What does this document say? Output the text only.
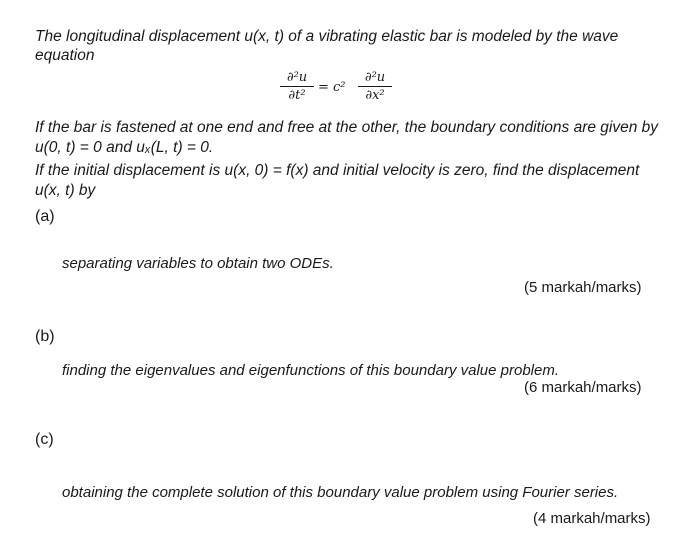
The longitudinal displacement u(x, t) of a vibrating elastic bar is modeled by the wave
equation
∂²u
∂t²
= c²
∂²u
∂x²
If the bar is fastened at one end and free at the other, the boundary conditions are given by
u(0, t) = 0 and uₓ(L, t) = 0.
If the initial displacement is u(x, 0) = f(x) and initial velocity is zero, find the displacement
u(x, t) by
(a)
separating variables to obtain two ODEs.
(5 markah/marks)
(b)
finding the eigenvalues and eigenfunctions of this boundary value problem.
(6 markah/marks)
(c)
obtaining the complete solution of this boundary value problem using Fourier series.
(4 markah/marks)
